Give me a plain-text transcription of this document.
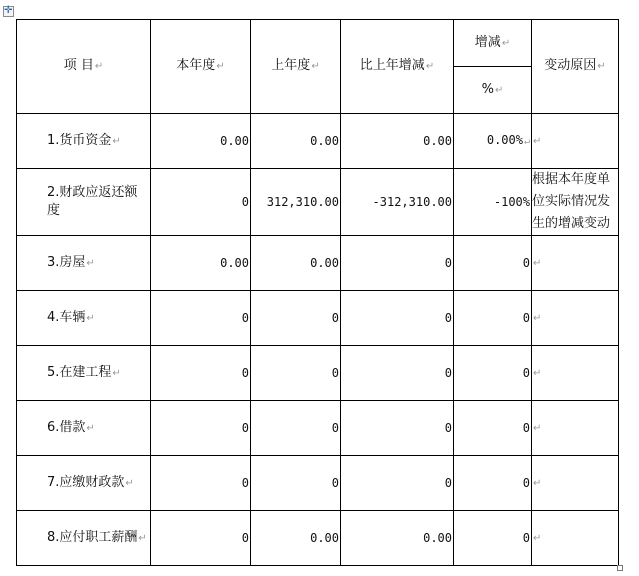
✛
项 目↵	本年度↵	上年度↵	比上年增减↵	增减↵	变动原因↵
				%↵	
1.货币资金↵	0.00	0.00	0.00	0.00%↵	↵

2.财政应返还额度	0	312,310.00	-312,310.00	-100%	根据本年度单位实际情况发生的增减变动
3.房屋↵	0.00	0.00	0	0	↵
4.车辆↵	0	0	0	0	↵
5.在建工程↵	0	0	0	0	↵
6.借款↵	0	0	0	0	↵
7.应缴财政款↵	0	0	0	0	↵
8.应付职工薪酬↵	0	0.00	0.00	0	↵
